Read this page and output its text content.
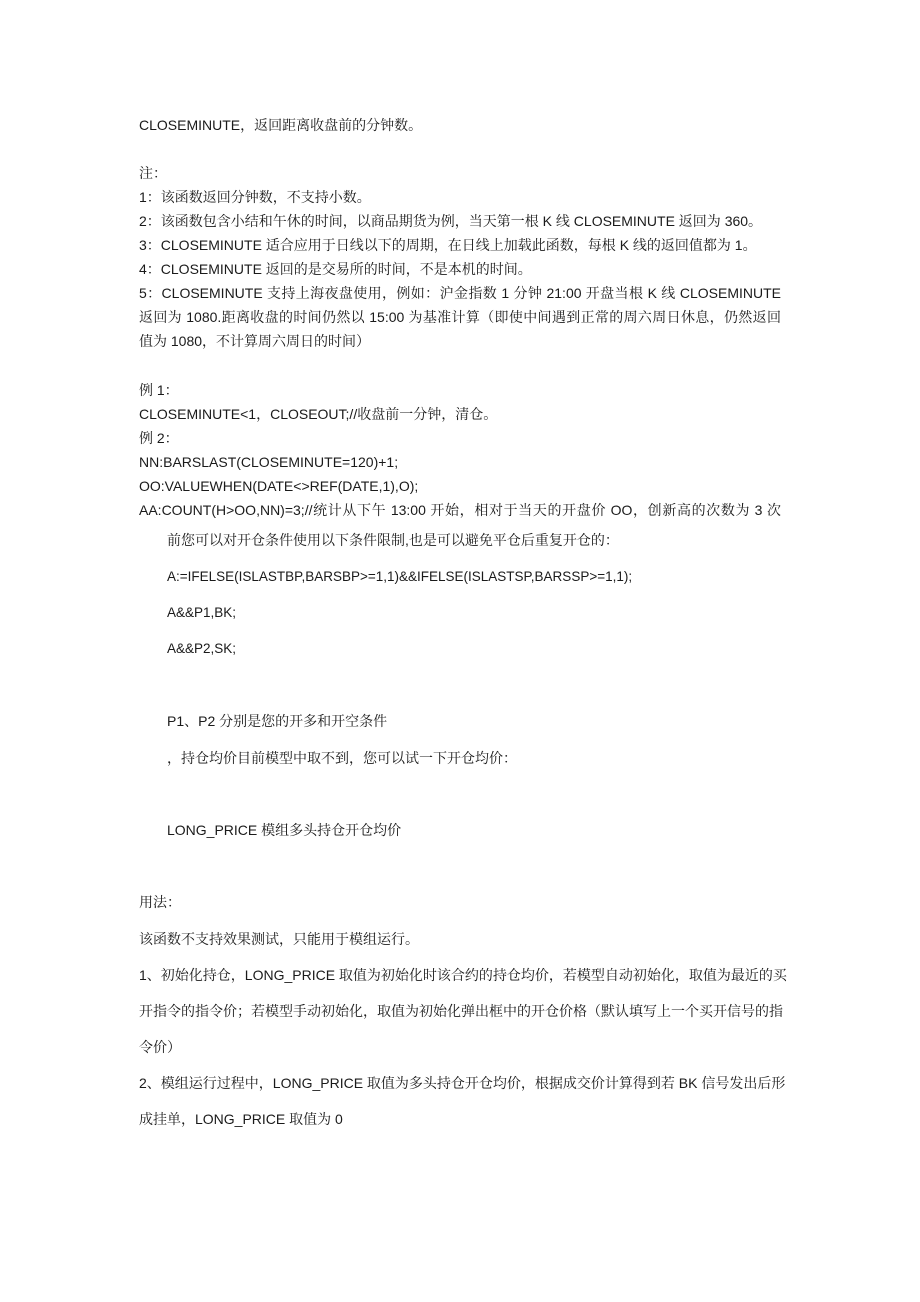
CLOSEMINUTE，返回距离收盘前的分钟数。
注：
1：该函数返回分钟数，不支持小数。
2：该函数包含小结和午休的时间，以商品期货为例，当天第一根 K 线 CLOSEMINUTE 返回为 360。
3：CLOSEMINUTE 适合应用于日线以下的周期，在日线上加载此函数，每根 K 线的返回值都为 1。
4：CLOSEMINUTE 返回的是交易所的时间，不是本机的时间。
5：CLOSEMINUTE 支持上海夜盘使用，例如：沪金指数 1 分钟 21:00 开盘当根 K 线 CLOSEMINUTE
返回为 1080.距离收盘的时间仍然以 15:00 为基准计算（即使中间遇到正常的周六周日休息，仍然返回
值为 1080，不计算周六周日的时间）
例 1：
CLOSEMINUTE<1，CLOSEOUT;//收盘前一分钟，清仓。
例 2：
NN:BARSLAST(CLOSEMINUTE=120)+1;
OO:VALUEWHEN(DATE<>REF(DATE,1),O);
AA:COUNT(H>OO,NN)=3;//统计从下午 13:00 开始，相对于当天的开盘价 OO，创新高的次数为 3 次
前您可以对开仓条件使用以下条件限制,也是可以避免平仓后重复开仓的：
A:=IFELSE(ISLASTBP,BARSBP>=1,1)&&IFELSE(ISLASTSP,BARSSP>=1,1);
A&&P1,BK;
A&&P2,SK;
P1、P2 分别是您的开多和开空条件
，持仓均价目前模型中取不到，您可以试一下开仓均价：
LONG_PRICE 模组多头持仓开仓均价
用法：
该函数不支持效果测试，只能用于模组运行。
1、初始化持仓，LONG_PRICE 取值为初始化时该合约的持仓均价，若模型自动初始化，取值为最近的买
开指令的指令价；若模型手动初始化，取值为初始化弹出框中的开仓价格（默认填写上一个买开信号的指
令价）
2、模组运行过程中，LONG_PRICE 取值为多头持仓开仓均价，根据成交价计算得到若 BK 信号发出后形
成挂单，LONG_PRICE 取值为 0
